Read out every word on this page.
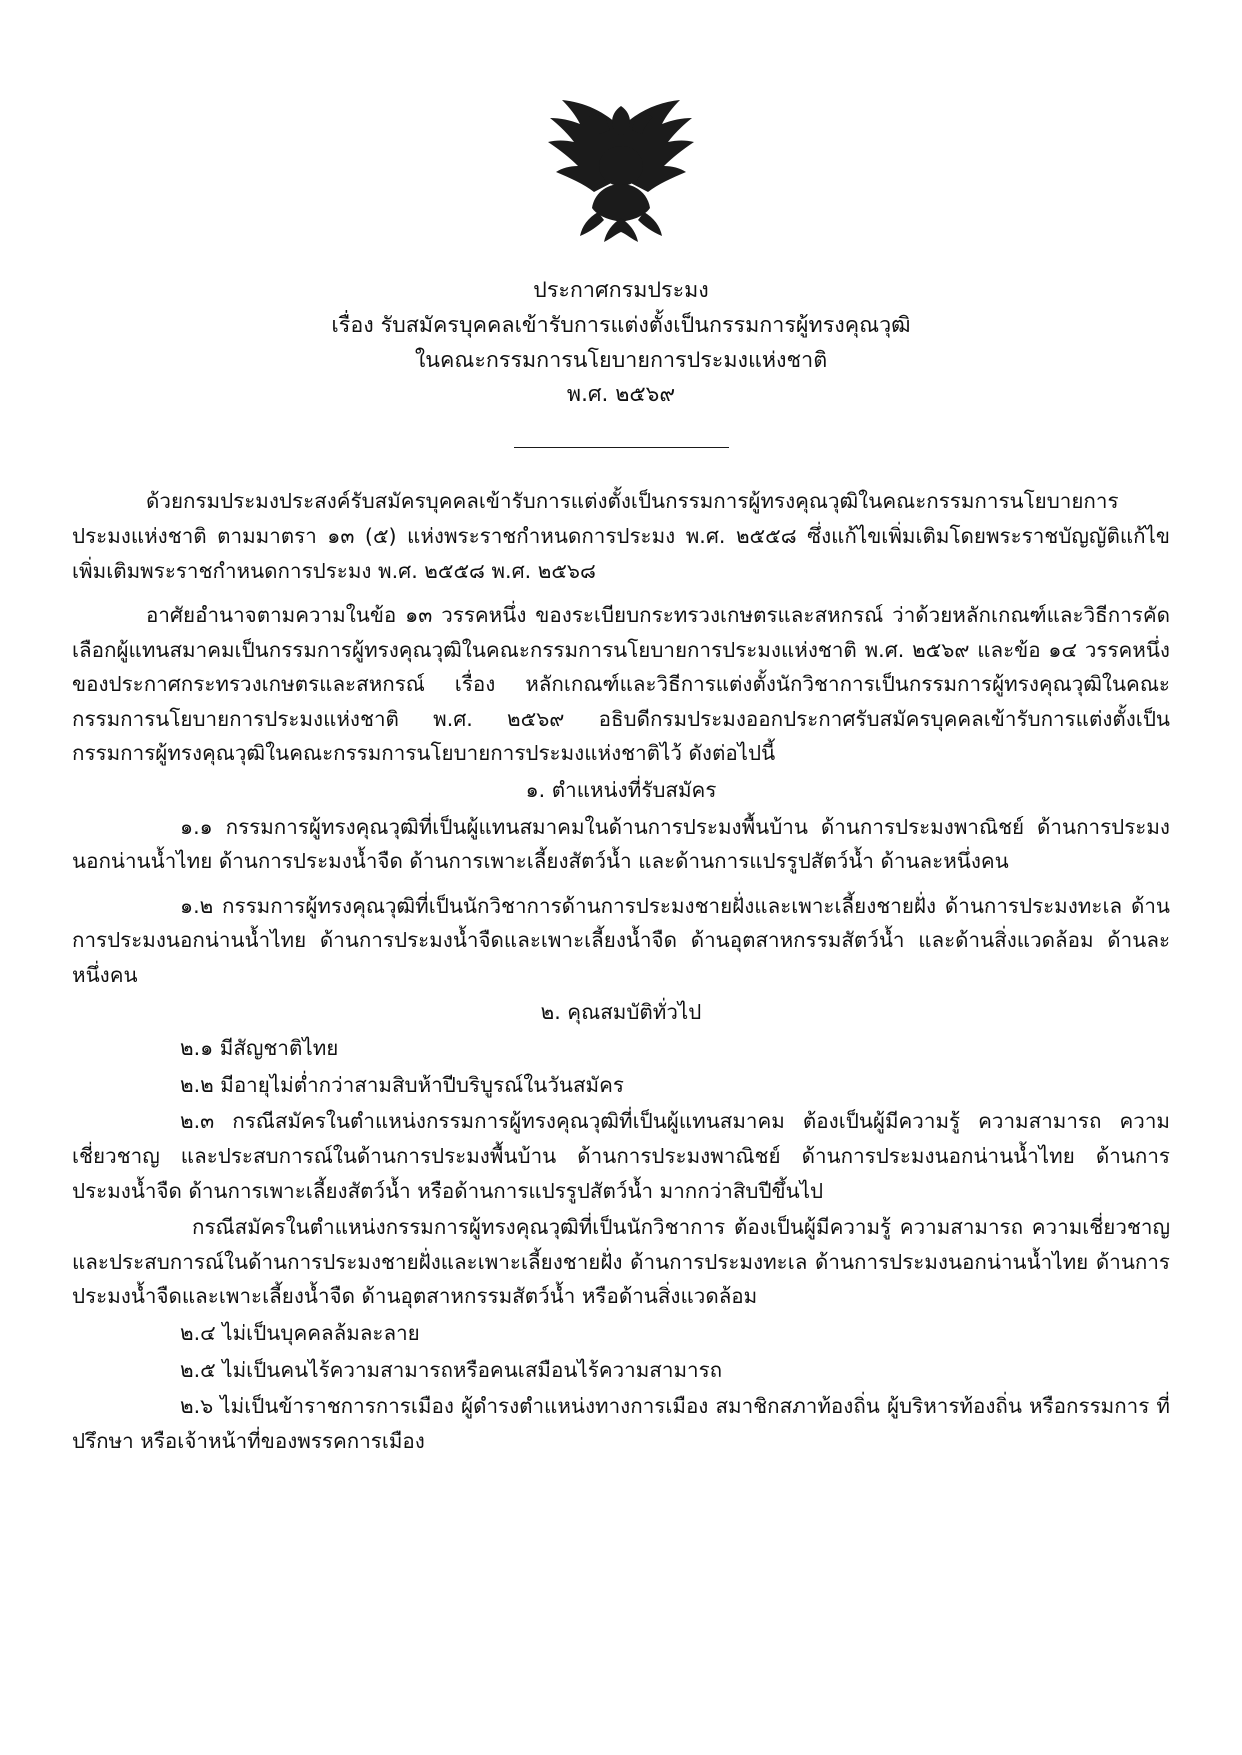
ประกาศกรมประมง
เรื่อง รับสมัครบุคคลเข้ารับการแต่งตั้งเป็นกรรมการผู้ทรงคุณวุฒิ
ในคณะกรรมการนโยบายการประมงแห่งชาติ
พ.ศ. ๒๕๖๙

ด้วยกรมประมงประสงค์รับสมัครบุคคลเข้ารับการแต่งตั้งเป็นกรรมการผู้ทรงคุณวุฒิในคณะกรรมการนโยบายการประมงแห่งชาติ ตามมาตรา ๑๓ (๕) แห่งพระราชกำหนดการประมง พ.ศ. ๒๕๕๘ ซึ่งแก้ไขเพิ่มเติมโดยพระราชบัญญัติแก้ไขเพิ่มเติมพระราชกำหนดการประมง พ.ศ. ๒๕๕๘ พ.ศ. ๒๕๖๘

อาศัยอำนาจตามความในข้อ ๑๓ วรรคหนึ่ง ของระเบียบกระทรวงเกษตรและสหกรณ์ ว่าด้วยหลักเกณฑ์และวิธีการคัดเลือกผู้แทนสมาคมเป็นกรรมการผู้ทรงคุณวุฒิในคณะกรรมการนโยบายการประมงแห่งชาติ พ.ศ. ๒๕๖๙ และข้อ ๑๔ วรรคหนึ่ง ของประกาศกระทรวงเกษตรและสหกรณ์ เรื่อง หลักเกณฑ์และวิธีการแต่งตั้งนักวิชาการเป็นกรรมการผู้ทรงคุณวุฒิในคณะกรรมการนโยบายการประมงแห่งชาติ พ.ศ. ๒๕๖๙ อธิบดีกรมประมงออกประกาศรับสมัครบุคคลเข้ารับการแต่งตั้งเป็นกรรมการผู้ทรงคุณวุฒิในคณะกรรมการนโยบายการประมงแห่งชาติไว้ ดังต่อไปนี้

๑. ตำแหน่งที่รับสมัคร

๑.๑ กรรมการผู้ทรงคุณวุฒิที่เป็นผู้แทนสมาคมในด้านการประมงพื้นบ้าน ด้านการประมงพาณิชย์ ด้านการประมงนอกน่านน้ำไทย ด้านการประมงน้ำจืด ด้านการเพาะเลี้ยงสัตว์น้ำ และด้านการแปรรูปสัตว์น้ำ ด้านละหนึ่งคน

๑.๒ กรรมการผู้ทรงคุณวุฒิที่เป็นนักวิชาการด้านการประมงชายฝั่งและเพาะเลี้ยงชายฝั่ง ด้านการประมงทะเล ด้านการประมงนอกน่านน้ำไทย ด้านการประมงน้ำจืดและเพาะเลี้ยงน้ำจืด ด้านอุตสาหกรรมสัตว์น้ำ และด้านสิ่งแวดล้อม ด้านละหนึ่งคน

๒. คุณสมบัติทั่วไป

๒.๑ มีสัญชาติไทย

๒.๒ มีอายุไม่ต่ำกว่าสามสิบห้าปีบริบูรณ์ในวันสมัคร

๒.๓ กรณีสมัครในตำแหน่งกรรมการผู้ทรงคุณวุฒิที่เป็นผู้แทนสมาคม ต้องเป็นผู้มีความรู้ ความสามารถ ความเชี่ยวชาญ และประสบการณ์ในด้านการประมงพื้นบ้าน ด้านการประมงพาณิชย์ ด้านการประมงนอกน่านน้ำไทย ด้านการประมงน้ำจืด ด้านการเพาะเลี้ยงสัตว์น้ำ หรือด้านการแปรรูปสัตว์น้ำ มากกว่าสิบปีขึ้นไป

กรณีสมัครในตำแหน่งกรรมการผู้ทรงคุณวุฒิที่เป็นนักวิชาการ ต้องเป็นผู้มีความรู้ ความสามารถ ความเชี่ยวชาญ และประสบการณ์ในด้านการประมงชายฝั่งและเพาะเลี้ยงชายฝั่ง ด้านการประมงทะเล ด้านการประมงนอกน่านน้ำไทย ด้านการประมงน้ำจืดและเพาะเลี้ยงน้ำจืด ด้านอุตสาหกรรมสัตว์น้ำ หรือด้านสิ่งแวดล้อม

๒.๔ ไม่เป็นบุคคลล้มละลาย

๒.๕ ไม่เป็นคนไร้ความสามารถหรือคนเสมือนไร้ความสามารถ

๒.๖ ไม่เป็นข้าราชการการเมือง ผู้ดำรงตำแหน่งทางการเมือง สมาชิกสภาท้องถิ่น ผู้บริหารท้องถิ่น หรือกรรมการ ที่ปรึกษา หรือเจ้าหน้าที่ของพรรคการเมือง
